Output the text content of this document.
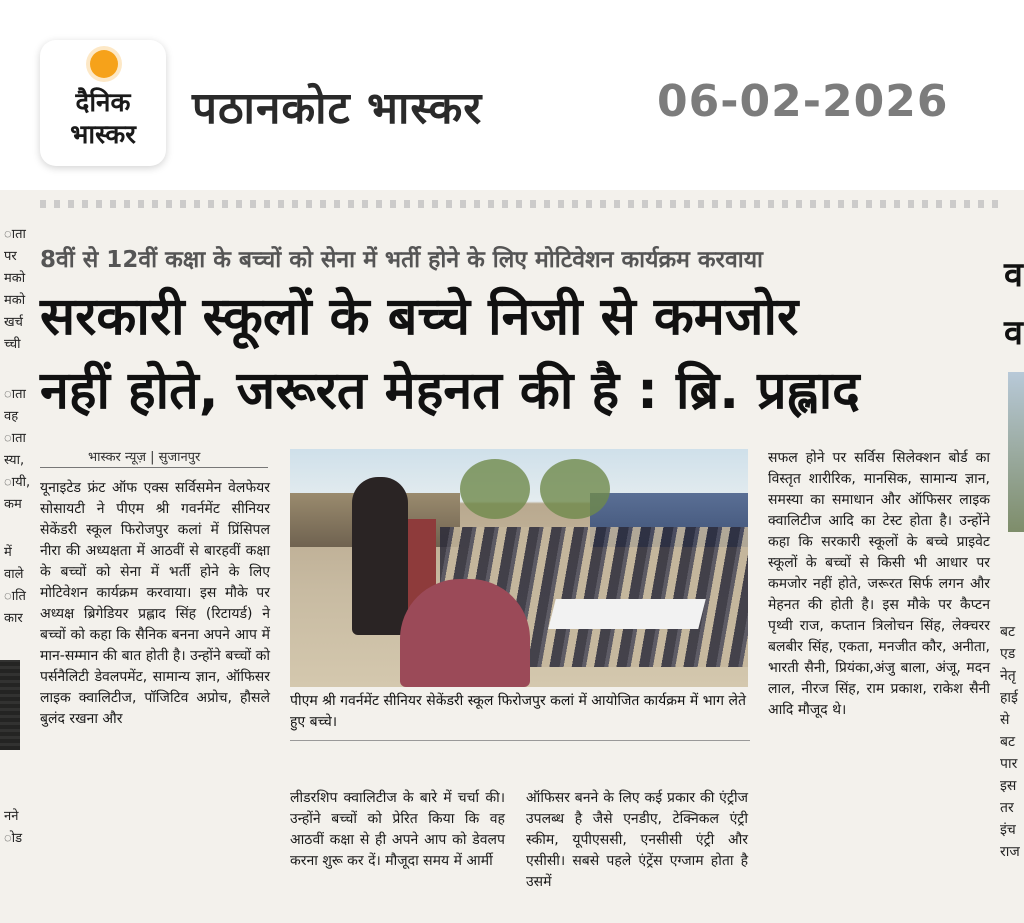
दैनिक
भास्कर
पठानकोट भास्कर	06-02-2026
ाता
पर
मको
मको
खर्च
च्ची
ाता
वह
ाता
स्या,
ायी,
कम
में
वाले
ाति
कार
नने
ोड
8वीं से 12वीं कक्षा के बच्चों को सेना में भर्ती होने के लिए मोटिवेशन कार्यक्रम करवाया
सरकारी स्कूलों के बच्चे निजी से कमजोर
नहीं होते, जरूरत मेहनत की है : ब्रि. प्रह्लाद
भास्कर न्यूज़ | सुजानपुर
यूनाइटेड फ्रंट ऑफ एक्स सर्विसमेन वेलफेयर सोसायटी ने पीएम श्री गवर्नमेंट सीनियर सेकेंडरी स्कूल फिरोजपुर कलां में प्रिंसिपल नीरा की अध्यक्षता में आठवीं से बारहवीं कक्षा के बच्चों को सेना में भर्ती होने के लिए मोटिवेशन कार्यक्रम करवाया। इस मौके पर अध्यक्ष ब्रिगेडियर प्रह्लाद सिंह (रिटायर्ड) ने बच्चों को कहा कि सैनिक बनना अपने आप में मान-सम्मान की बात होती है। उन्होंने बच्चों को पर्सनैलिटी डेवलपमेंट, सामान्य ज्ञान, ऑफिसर लाइक क्वालिटीज, पॉजिटिव अप्रोच, हौसले बुलंद रखना और
पीएम श्री गवर्नमेंट सीनियर सेकेंडरी स्कूल फिरोजपुर कलां में आयोजित कार्यक्रम में भाग लेते हुए बच्चे।
लीडरशिप क्वालिटीज के बारे में चर्चा की। उन्होंने बच्चों को प्रेरित किया कि वह आठवीं कक्षा से ही अपने आप को डेवलप करना शुरू कर दें। मौजूदा समय में आर्मी
ऑफिसर बनने के लिए कई प्रकार की एंट्रीज उपलब्ध है जैसे एनडीए, टेक्निकल एंट्री स्कीम, यूपीएससी, एनसीसी एंट्री और एसीसी। सबसे पहले एंट्रेंस एग्जाम होता है उसमें
सफल होने पर सर्विस सिलेक्शन बोर्ड का विस्तृत शारीरिक, मानसिक, सामान्य ज्ञान, समस्या का समाधान और ऑफिसर लाइक क्वालिटीज आदि का टेस्ट होता है। उन्होंने कहा कि सरकारी स्कूलों के बच्चे प्राइवेट स्कूलों के बच्चों से किसी भी आधार पर कमजोर नहीं होते, जरूरत सिर्फ लगन और मेहनत की होती है। इस मौके पर कैप्टन पृथ्वी राज, कप्तान त्रिलोचन सिंह, लेक्चरर बलबीर सिंह, एकता, मनजीत कौर, अनीता, भारती सैनी, प्रियंका,अंजु बाला, अंजू, मदन लाल, नीरज सिंह, राम प्रकाश, राकेश सैनी आदि मौजूद थे।
व
व
बट
एड
नेतृ
हाई
से
बट
पार
इस
तर
इंच
राज
